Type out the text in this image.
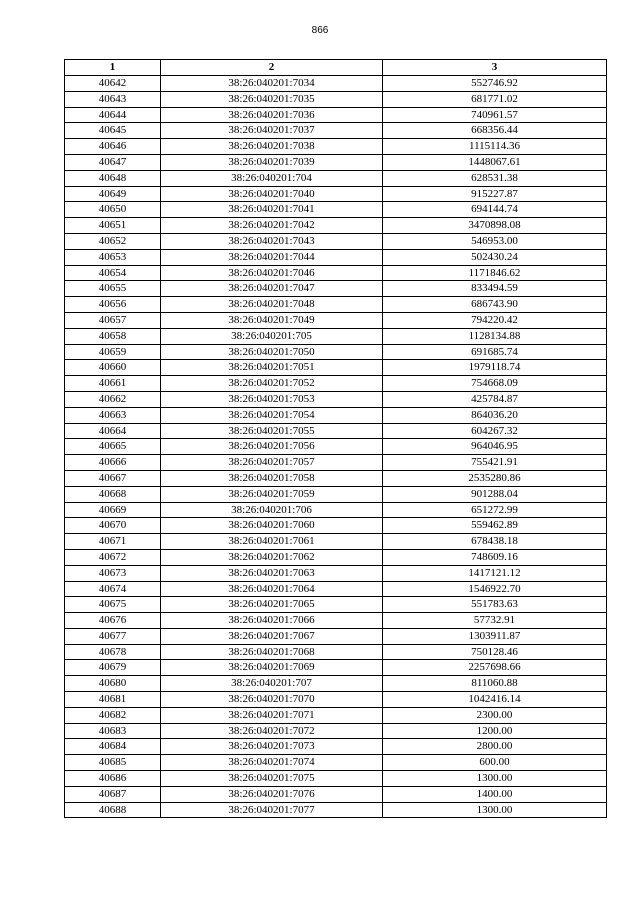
866
1	2	3
40642	38:26:040201:7034	552746.92
40643	38:26:040201:7035	681771.02
40644	38:26:040201:7036	740961.57
40645	38:26:040201:7037	668356.44
40646	38:26:040201:7038	1115114.36
40647	38:26:040201:7039	1448067.61
40648	38:26:040201:704	628531.38
40649	38:26:040201:7040	915227.87
40650	38:26:040201:7041	694144.74
40651	38:26:040201:7042	3470898.08
40652	38:26:040201:7043	546953.00
40653	38:26:040201:7044	502430.24
40654	38:26:040201:7046	1171846.62
40655	38:26:040201:7047	833494.59
40656	38:26:040201:7048	686743.90
40657	38:26:040201:7049	794220.42
40658	38:26:040201:705	1128134.88
40659	38:26:040201:7050	691685.74
40660	38:26:040201:7051	1979118.74
40661	38:26:040201:7052	754668.09
40662	38:26:040201:7053	425784.87
40663	38:26:040201:7054	864036.20
40664	38:26:040201:7055	604267.32
40665	38:26:040201:7056	964046.95
40666	38:26:040201:7057	755421.91
40667	38:26:040201:7058	2535280.86
40668	38:26:040201:7059	901288.04
40669	38:26:040201:706	651272.99
40670	38:26:040201:7060	559462.89
40671	38:26:040201:7061	678438.18
40672	38:26:040201:7062	748609.16
40673	38:26:040201:7063	1417121.12
40674	38:26:040201:7064	1546922.70
40675	38:26:040201:7065	551783.63
40676	38:26:040201:7066	57732.91
40677	38:26:040201:7067	1303911.87
40678	38:26:040201:7068	750128.46
40679	38:26:040201:7069	2257698.66
40680	38:26:040201:707	811060.88
40681	38:26:040201:7070	1042416.14
40682	38:26:040201:7071	2300.00
40683	38:26:040201:7072	1200.00
40684	38:26:040201:7073	2800.00
40685	38:26:040201:7074	600.00
40686	38:26:040201:7075	1300.00
40687	38:26:040201:7076	1400.00
40688	38:26:040201:7077	1300.00
